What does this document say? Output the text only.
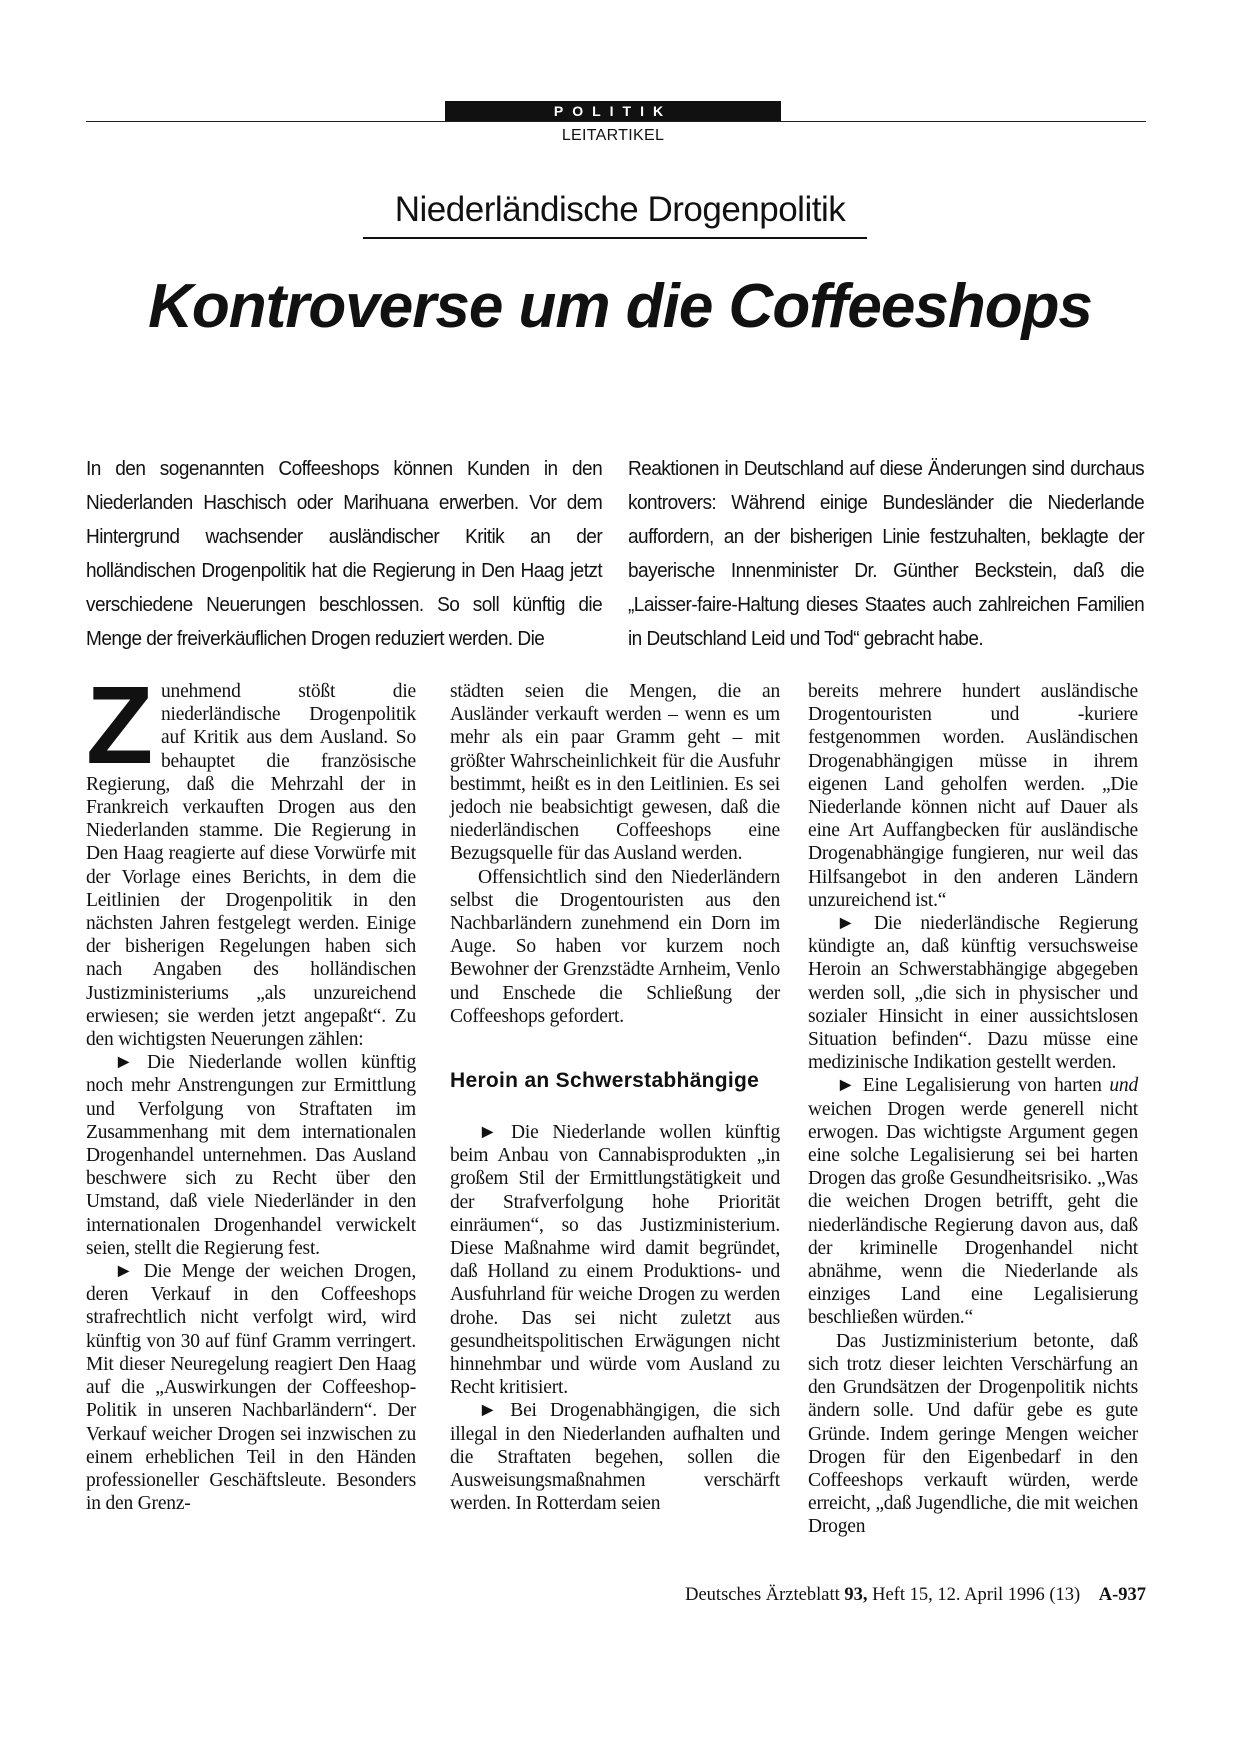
POLITIK
LEITARTIKEL
Niederländische Drogenpolitik
Kontroverse um die Coffeeshops
In den sogenannten Coffeeshops können Kunden in den Niederlanden Haschisch oder Marihuana erwerben. Vor dem Hintergrund wachsender ausländischer Kritik an der holländischen Drogenpolitik hat die Regierung in Den Haag jetzt verschiedene Neuerungen beschlossen. So soll künftig die Menge der freiverkäuflichen Drogen reduziert werden. Die
Reaktionen in Deutschland auf diese Änderungen sind durchaus kontrovers: Während einige Bundesländer die Niederlande auffordern, an der bisherigen Linie festzuhalten, beklagte der bayerische Innenminister Dr. Günther Beckstein, daß die „Laisser-faire-Haltung dieses Staates auch zahlreichen Familien in Deutschland Leid und Tod“ gebracht habe.

Zunehmend stößt die niederländische Drogenpolitik auf Kritik aus dem Ausland. So behauptet die französische Regierung, daß die Mehrzahl der in Frankreich verkauften Drogen aus den Niederlanden stamme. Die Regierung in Den Haag reagierte auf diese Vorwürfe mit der Vorlage eines Berichts, in dem die Leitlinien der Drogenpolitik in den nächsten Jahren festgelegt werden. Einige der bisherigen Regelungen haben sich nach Angaben des holländischen Justizministeriums „als unzureichend erwiesen; sie werden jetzt angepaßt“. Zu den wichtigsten Neuerungen zählen:

► Die Niederlande wollen künftig noch mehr Anstrengungen zur Ermittlung und Verfolgung von Straftaten im Zusammenhang mit dem internationalen Drogenhandel unternehmen. Das Ausland beschwere sich zu Recht über den Umstand, daß viele Niederländer in den internationalen Drogenhandel verwickelt seien, stellt die Regierung fest.

► Die Menge der weichen Drogen, deren Verkauf in den Coffeeshops strafrechtlich nicht verfolgt wird, wird künftig von 30 auf fünf Gramm verringert. Mit dieser Neuregelung reagiert Den Haag auf die „Auswirkungen der Coffeeshop-Politik in unseren Nachbarländern“. Der Verkauf weicher Drogen sei inzwischen zu einem erheblichen Teil in den Händen professioneller Geschäftsleute. Besonders in den Grenz-

städten seien die Mengen, die an Ausländer verkauft werden – wenn es um mehr als ein paar Gramm geht – mit größter Wahrscheinlichkeit für die Ausfuhr bestimmt, heißt es in den Leitlinien. Es sei jedoch nie beabsichtigt gewesen, daß die niederländischen Coffeeshops eine Bezugsquelle für das Ausland werden.

Offensichtlich sind den Niederländern selbst die Drogentouristen aus den Nachbarländern zunehmend ein Dorn im Auge. So haben vor kurzem noch Bewohner der Grenzstädte Arnheim, Venlo und Enschede die Schließung der Coffeeshops gefordert.

Heroin an Schwerstabhängige

► Die Niederlande wollen künftig beim Anbau von Cannabisprodukten „in großem Stil der Ermittlungstätigkeit und der Strafverfolgung hohe Priorität einräumen“, so das Justizministerium. Diese Maßnahme wird damit begründet, daß Holland zu einem Produktions- und Ausfuhrland für weiche Drogen zu werden drohe. Das sei nicht zuletzt aus gesundheitspolitischen Erwägungen nicht hinnehmbar und würde vom Ausland zu Recht kritisiert.

► Bei Drogenabhängigen, die sich illegal in den Niederlanden aufhalten und die Straftaten begehen, sollen die Ausweisungsmaßnahmen verschärft werden. In Rotterdam seien

bereits mehrere hundert ausländische Drogentouristen und -kuriere festgenommen worden. Ausländischen Drogenabhängigen müsse in ihrem eigenen Land geholfen werden. „Die Niederlande können nicht auf Dauer als eine Art Auffangbecken für ausländische Drogenabhängige fungieren, nur weil das Hilfsangebot in den anderen Ländern unzureichend ist.“

► Die niederländische Regierung kündigte an, daß künftig versuchsweise Heroin an Schwerstabhängige abgegeben werden soll, „die sich in physischer und sozialer Hinsicht in einer aussichtslosen Situation befinden“. Dazu müsse eine medizinische Indikation gestellt werden.

► Eine Legalisierung von harten und weichen Drogen werde generell nicht erwogen. Das wichtigste Argument gegen eine solche Legalisierung sei bei harten Drogen das große Gesundheitsrisiko. „Was die weichen Drogen betrifft, geht die niederländische Regierung davon aus, daß der kriminelle Drogenhandel nicht abnähme, wenn die Niederlande als einziges Land eine Legalisierung beschließen würden.“

Das Justizministerium betonte, daß sich trotz dieser leichten Verschärfung an den Grundsätzen der Drogenpolitik nichts ändern solle. Und dafür gebe es gute Gründe. Indem geringe Mengen weicher Drogen für den Eigenbedarf in den Coffeeshops verkauft würden, werde erreicht, „daß Jugendliche, die mit weichen Drogen

Deutsches Ärzteblatt 93, Heft 15, 12. April 1996 (13) A-937
